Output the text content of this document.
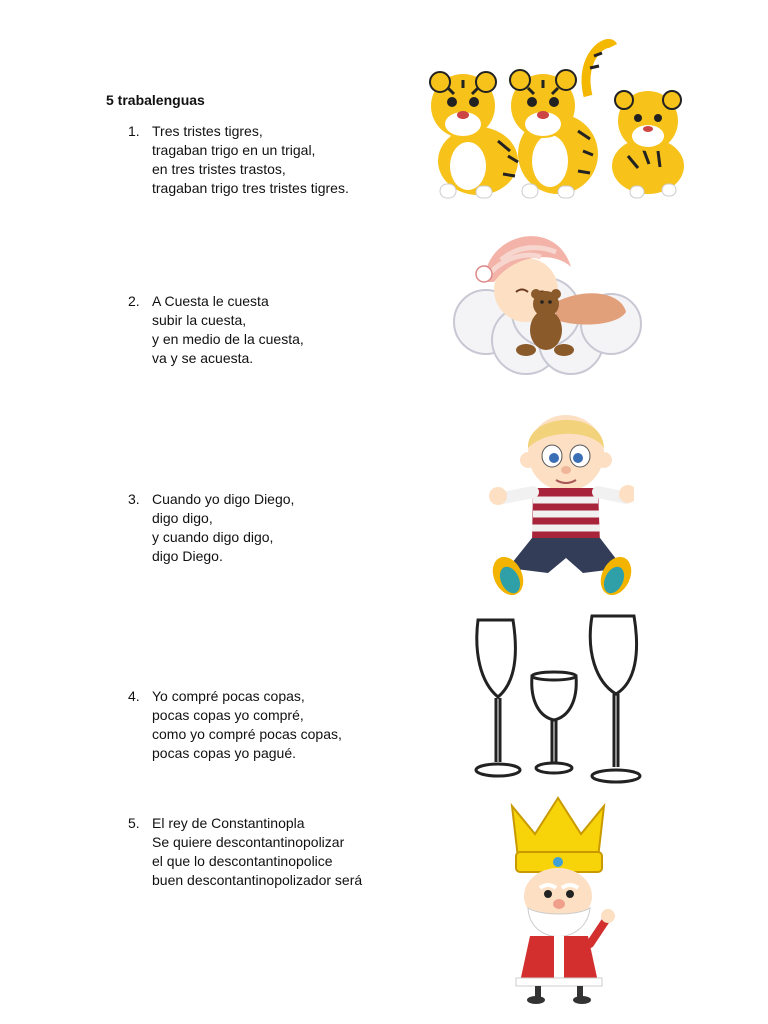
5 trabalenguas
1. Tres tristes tigres,
tragaban trigo en un trigal,
en tres tristes trastos,
tragaban trigo tres tristes tigres.
2. A Cuesta le cuesta
subir la cuesta,
y en medio de la cuesta,
va y se acuesta.
3. Cuando yo digo Diego,
digo digo,
y cuando digo digo,
digo Diego.
4. Yo compré pocas copas,
pocas copas yo compré,
como yo compré pocas copas,
pocas copas yo pagué.
5. El rey de Constantinopla
Se quiere descontantinopolizar
el que lo descontantinopolice
buen descontantinopolizador será
